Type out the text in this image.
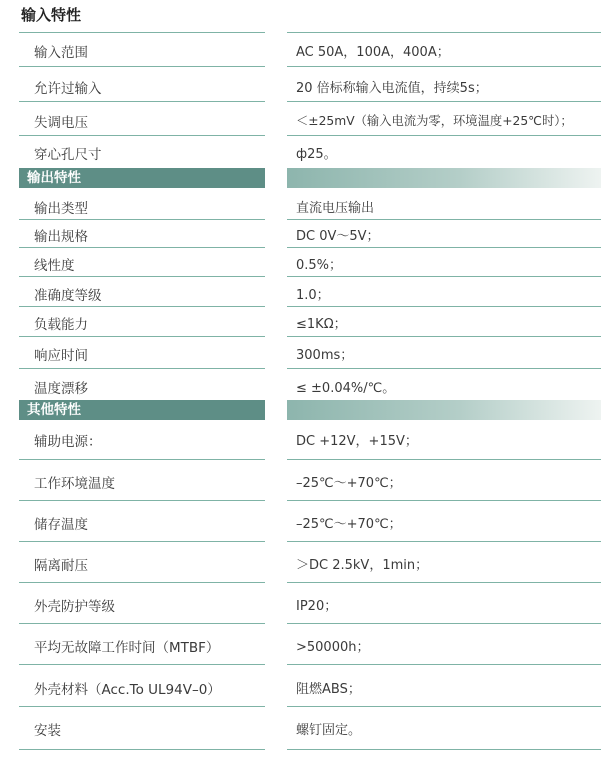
输入特性
输入范围	AC 50A，100A，400A；
允许过输入	20 倍标称输入电流值，持续5s；
失调电压	＜±25mV（输入电流为零，环境温度+25℃时）；
穿心孔尺寸	ф25。
输出特性
输出类型	直流电压输出
输出规格	DC 0V～5V；
线性度	0.5%；
准确度等级	1.0；
负载能力	≤1KΩ；
响应时间	300ms；
温度漂移	≤ ±0.04%/℃。
其他特性
辅助电源：	DC +12V，+15V；
工作环境温度	–25℃～+70℃；
储存温度	–25℃～+70℃；
隔离耐压	＞DC 2.5kV，1min；
外壳防护等级	IP20；
平均无故障工作时间（MTBF）	>50000h；
外壳材料（Acc.To UL94V–0）	阻燃ABS；
安装	螺钉固定。
